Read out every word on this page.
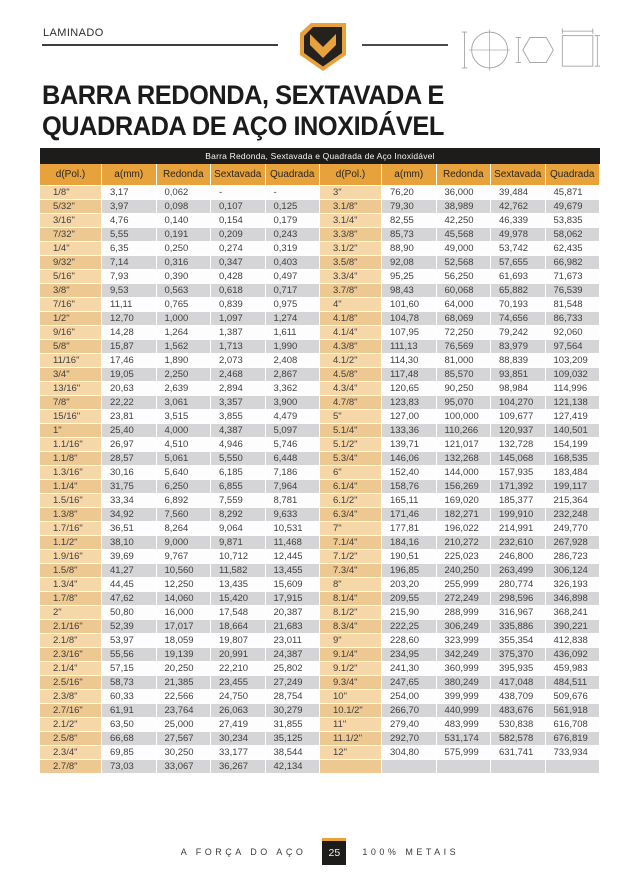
LAMINADO
BARRA REDONDA, SEXTAVADA E
QUADRADA DE AÇO INOXIDÁVEL
Barra Redonda, Sextavada e Quadrada de Aço Inoxidável
d(Pol.)	a(mm)	Redonda	Sextavada Quadrada	d(Pol.)	a(mm)	Redonda	Sextavada Quadrada
1/8"	3,17	0,062	-	-	3"	76,20	36,000	39,484	45,871
5/32"	3,97	0,098	0,107	0,125	3.1/8"	79,30	38,989	42,762	49,679
3/16"	4,76	0,140	0,154	0,179	3.1/4"	82,55	42,250	46,339	53,835
7/32"	5,55	0,191	0,209	0,243	3.3/8"	85,73	45,568	49,978	58,062
1/4"	6,35	0,250	0,274	0,319	3.1/2"	88,90	49,000	53,742	62,435
9/32"	7,14	0,316	0,347	0,403	3.5/8"	92,08	52,568	57,655	66,982
5/16"	7,93	0,390	0,428	0,497	3.3/4"	95,25	56,250	61,693	71,673
3/8"	9,53	0,563	0,618	0,717	3.7/8"	98,43	60,068	65,882	76,539
7/16"	11,11	0,765	0,839	0,975	4"	101,60	64,000	70,193	81,548
1/2"	12,70	1,000	1,097	1,274	4.1/8"	104,78	68,069	74,656	86,733
9/16"	14,28	1,264	1,387	1,611	4.1/4"	107,95	72,250	79,242	92,060
5/8"	15,87	1,562	1,713	1,990	4.3/8"	111,13	76,569	83,979	97,564
11/16"	17,46	1,890	2,073	2,408	4.1/2"	114,30	81,000	88,839	103,209
3/4"	19,05	2,250	2,468	2,867	4.5/8"	117,48	85,570	93,851	109,032
13/16"	20,63	2,639	2,894	3,362	4.3/4"	120,65	90,250	98,984	114,996
7/8"	22,22	3,061	3,357	3,900	4.7/8"	123,83	95,070	104,270	121,138
15/16"	23,81	3,515	3,855	4,479	5"	127,00	100,000	109,677	127,419
1"	25,40	4,000	4,387	5,097	5.1/4"	133,36	110,266	120,937	140,501
1.1/16"	26,97	4,510	4,946	5,746	5.1/2"	139,71	121,017	132,728	154,199
1.1/8"	28,57	5,061	5,550	6,448	5.3/4"	146,06	132,268	145,068	168,535
1.3/16"	30,16	5,640	6,185	7,186	6"	152,40	144,000	157,935	183,484
1.1/4"	31,75	6,250	6,855	7,964	6.1/4"	158,76	156,269	171,392	199,117
1.5/16"	33,34	6,892	7,559	8,781	6.1/2"	165,11	169,020	185,377	215,364
1.3/8"	34,92	7,560	8,292	9,633	6.3/4"	171,46	182,271	199,910	232,248
1.7/16"	36,51	8,264	9,064	10,531	7"	177,81	196,022	214,991	249,770
1.1/2"	38,10	9,000	9,871	11,468	7.1/4"	184,16	210,272	232,610	267,928
1.9/16"	39,69	9,767	10,712	12,445	7.1/2"	190,51	225,023	246,800	286,723
1.5/8"	41,27	10,560	11,582	13,455	7.3/4"	196,85	240,250	263,499	306,124
1.3/4"	44,45	12,250	13,435	15,609	8"	203,20	255,999	280,774	326,193
1.7/8"	47,62	14,060	15,420	17,915	8.1/4"	209,55	272,249	298,596	346,898
2"	50,80	16,000	17,548	20,387	8.1/2"	215,90	288,999	316,967	368,241
2.1/16"	52,39	17,017	18,664	21,683	8.3/4"	222,25	306,249	335,886	390,221
2.1/8"	53,97	18,059	19,807	23,011	9"	228,60	323,999	355,354	412,838
2.3/16"	55,56	19,139	20,991	24,387	9.1/4"	234,95	342,249	375,370	436,092
2.1/4"	57,15	20,250	22,210	25,802	9.1/2"	241,30	360,999	395,935	459,983
2.5/16"	58,73	21,385	23,455	27,249	9.3/4"	247,65	380,249	417,048	484,511
2.3/8"	60,33	22,566	24,750	28,754	10"	254,00	399,999	438,709	509,676
2.7/16"	61,91	23,764	26,063	30,279	10.1/2"	266,70	440,999	483,676	561,918
2.1/2"	63,50	25,000	27,419	31,855	11"	279,40	483,999	530,838	616,708
2.5/8"	66,68	27,567	30,234	35,125	11.1/2"	292,70	531,174	582,578	676,819
2.3/4"	69,85	30,250	33,177	38,544	12"	304,80	575,999	631,741	733,934
2.7/8"	73,03	33,067	36,267	42,134
A FORÇA DO AÇO 25 100% METAIS
